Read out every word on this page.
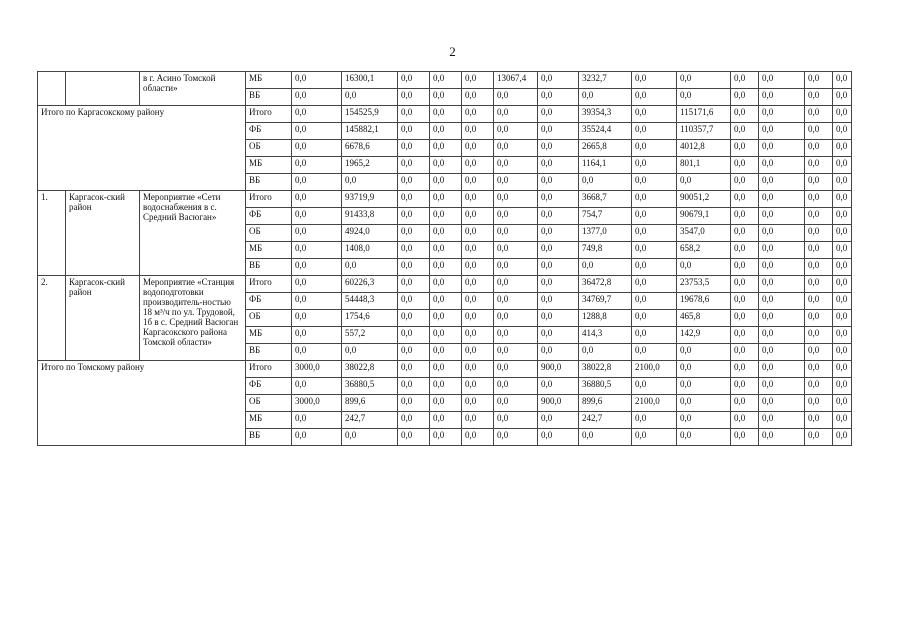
2
		в г. Асино Томской области»	МБ	0,0	16300,1	0,0	0,0	0,0	13067,4	0,0	3232,7	0,0	0,0	0,0	0,0	0,0	0,0
			ВБ	0,0	0,0	0,0	0,0	0,0	0,0	0,0	0,0	0,0	0,0	0,0	0,0	0,0	0,0
Итого по Каргасокскому району			Итого	0,0	154525,9	0,0	0,0	0,0	0,0	0,0	39354,3	0,0	115171,6	0,0	0,0	0,0	0,0
			ФБ	0,0	145882,1	0,0	0,0	0,0	0,0	0,0	35524,4	0,0	110357,7	0,0	0,0	0,0	0,0
			ОБ	0,0	6678,6	0,0	0,0	0,0	0,0	0,0	2665,8	0,0	4012,8	0,0	0,0	0,0	0,0
			МБ	0,0	1965,2	0,0	0,0	0,0	0,0	0,0	1164,1	0,0	801,1	0,0	0,0	0,0	0,0
			ВБ	0,0	0,0	0,0	0,0	0,0	0,0	0,0	0,0	0,0	0,0	0,0	0,0	0,0	0,0
1.	Каргасок-ский район	Мероприятие «Сети водоснабжения в с. Средний Васюган»	Итого	0,0	93719,9	0,0	0,0	0,0	0,0	0,0	3668,7	0,0	90051,2	0,0	0,0	0,0	0,0
			ФБ	0,0	91433,8	0,0	0,0	0,0	0,0	0,0	754,7	0,0	90679,1	0,0	0,0	0,0	0,0
			ОБ	0,0	4924,0	0,0	0,0	0,0	0,0	0,0	1377,0	0,0	3547,0	0,0	0,0	0,0	0,0
			МБ	0,0	1408,0	0,0	0,0	0,0	0,0	0,0	749,8	0,0	658,2	0,0	0,0	0,0	0,0
			ВБ	0,0	0,0	0,0	0,0	0,0	0,0	0,0	0,0	0,0	0,0	0,0	0,0	0,0	0,0
2.	Каргасок-ский район	Мероприятие «Станция водоподготовки производитель-ностью 18 м³/ч по ул. Трудовой, 1б в с. Средний Васюган Каргасокского района Томской области»	Итого	0,0	60226,3	0,0	0,0	0,0	0,0	0,0	36472,8	0,0	23753,5	0,0	0,0	0,0	0,0
			ФБ	0,0	54448,3	0,0	0,0	0,0	0,0	0,0	34769,7	0,0	19678,6	0,0	0,0	0,0	0,0
			ОБ	0,0	1754,6	0,0	0,0	0,0	0,0	0,0	1288,8	0,0	465,8	0,0	0,0	0,0	0,0
			МБ	0,0	557,2	0,0	0,0	0,0	0,0	0,0	414,3	0,0	142,9	0,0	0,0	0,0	0,0
			ВБ	0,0	0,0	0,0	0,0	0,0	0,0	0,0	0,0	0,0	0,0	0,0	0,0	0,0	0,0
Итого по Томскому району			Итого	3000,0	38022,8	0,0	0,0	0,0	0,0	900,0	38022,8	2100,0	0,0	0,0	0,0	0,0	0,0
			ФБ	0,0	36880,5	0,0	0,0	0,0	0,0	0,0	36880,5	0,0	0,0	0,0	0,0	0,0	0,0
			ОБ	3000,0	899,6	0,0	0,0	0,0	0,0	900,0	899,6	2100,0	0,0	0,0	0,0	0,0	0,0
			МБ	0,0	242,7	0,0	0,0	0,0	0,0	0,0	242,7	0,0	0,0	0,0	0,0	0,0	0,0
			ВБ	0,0	0,0	0,0	0,0	0,0	0,0	0,0	0,0	0,0	0,0	0,0	0,0	0,0	0,0
